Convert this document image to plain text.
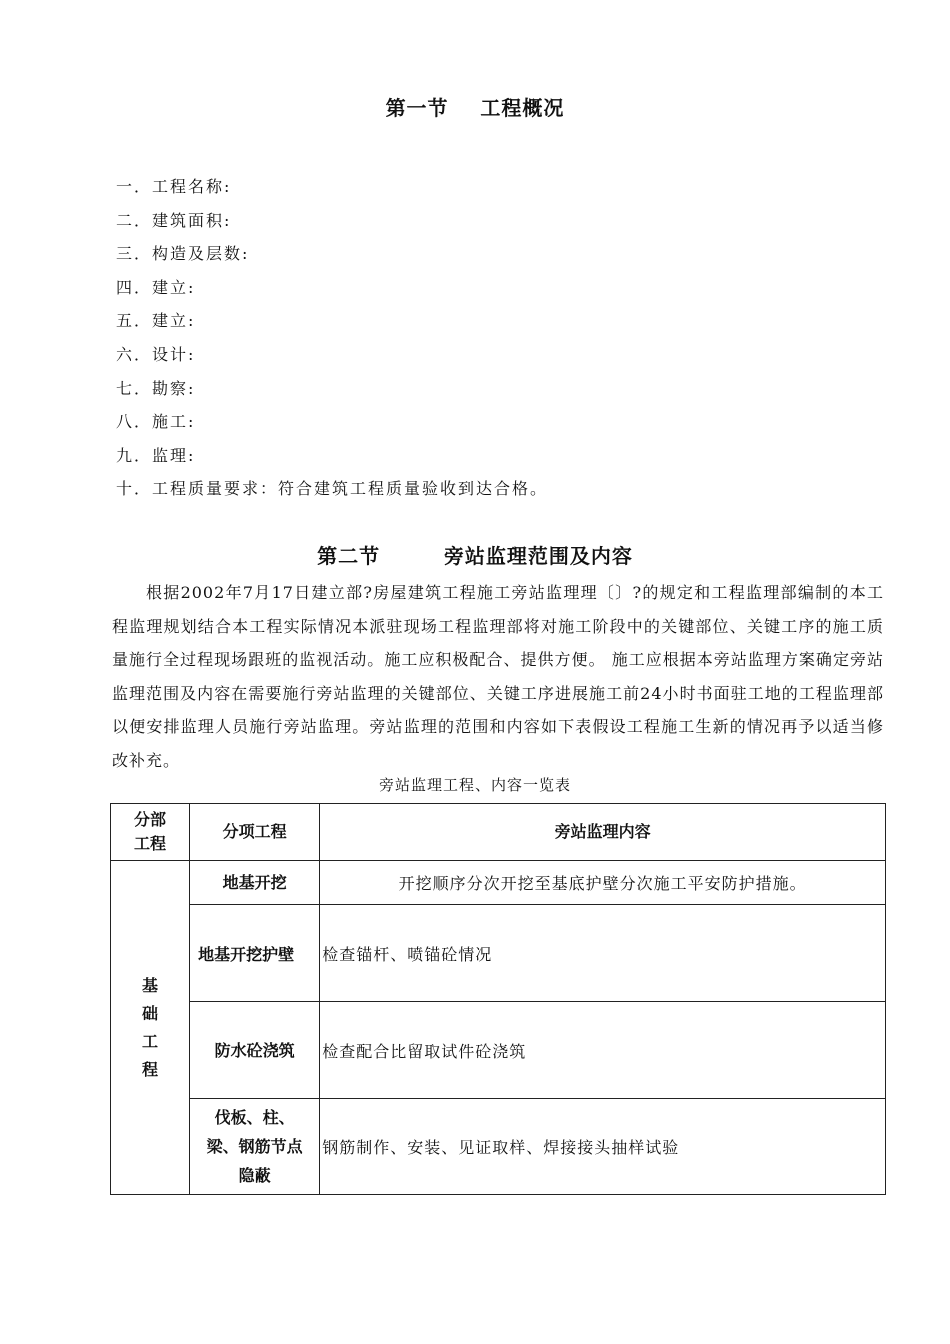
第一节    工程概况
一．工程名称:
二．建筑面积:
三．构造及层数:
四．建立:
五．建立:
六．设计:
七．勘察:
八．施工:
九．监理:
十．工程质量要求：符合建筑工程质量验收到达合格。
第二节        旁站监理范围及内容
根据2002年7月17日建立部?房屋建筑工程施工旁站监理理〔〕?的规定和工程监理部编制的本工程监理规划结合本工程实际情况本派驻现场工程监理部将对施工阶段中的关键部位、关键工序的施工质量施行全过程现场跟班的监视活动。施工应积极配合、提供方便。 施工应根据本旁站监理方案确定旁站监理范围及内容在需要施行旁站监理的关键部位、关键工序进展施工前24小时书面驻工地的工程监理部以便安排监理人员施行旁站监理。旁站监理的范围和内容如下表假设工程施工生新的情况再予以适当修改补充。
旁站监理工程、内容一览表
分部
工程	分项工程	旁站监理内容

基
础
工
程	地基开挖	开挖顺序分次开挖至基底护壁分次施工平安防护措施。
	地基开挖护壁	检查锚杆、喷锚砼情况
	防水砼浇筑	检查配合比留取试件砼浇筑

	伐板、柱、
梁、钢筋节点
隐蔽	钢筋制作、安装、见证取样、焊接接头抽样试验
